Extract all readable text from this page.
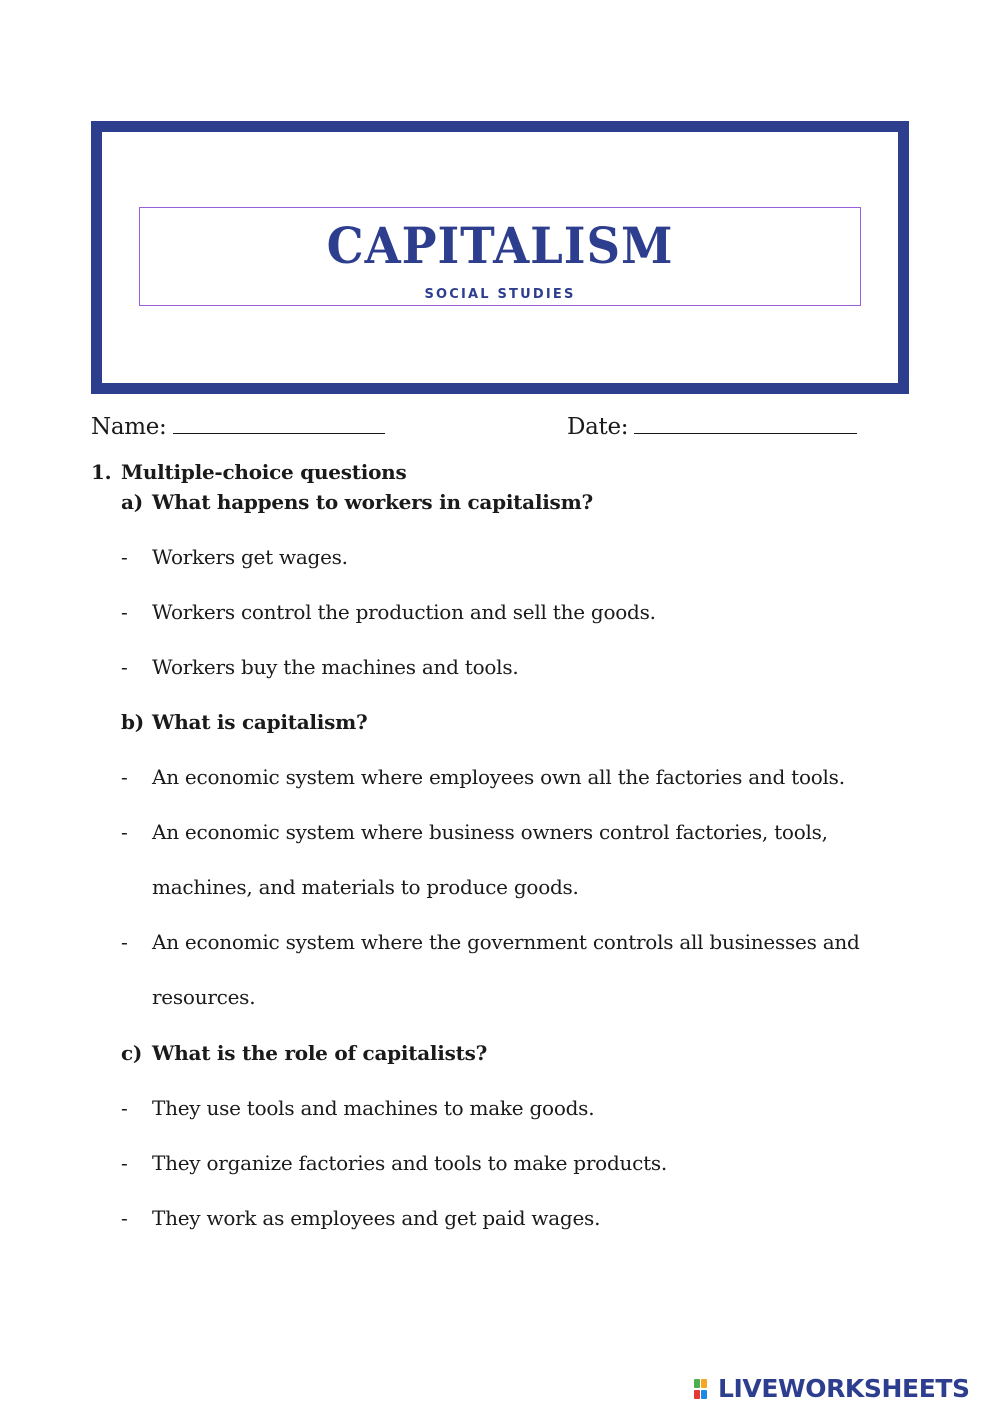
CAPITALISM
SOCIAL STUDIES
Name:	Date:
1. Multiple-choice questions
a) What happens to workers in capitalism?
- Workers get wages.
- Workers control the production and sell the goods.
- Workers buy the machines and tools.
b) What is capitalism?
- An economic system where employees own all the factories and tools.
- An economic system where business owners control factories, tools,
machines, and materials to produce goods.
- An economic system where the government controls all businesses and
resources.
c) What is the role of capitalists?
- They use tools and machines to make goods.
- They organize factories and tools to make products.
- They work as employees and get paid wages.
LIVEWORKSHEETS
